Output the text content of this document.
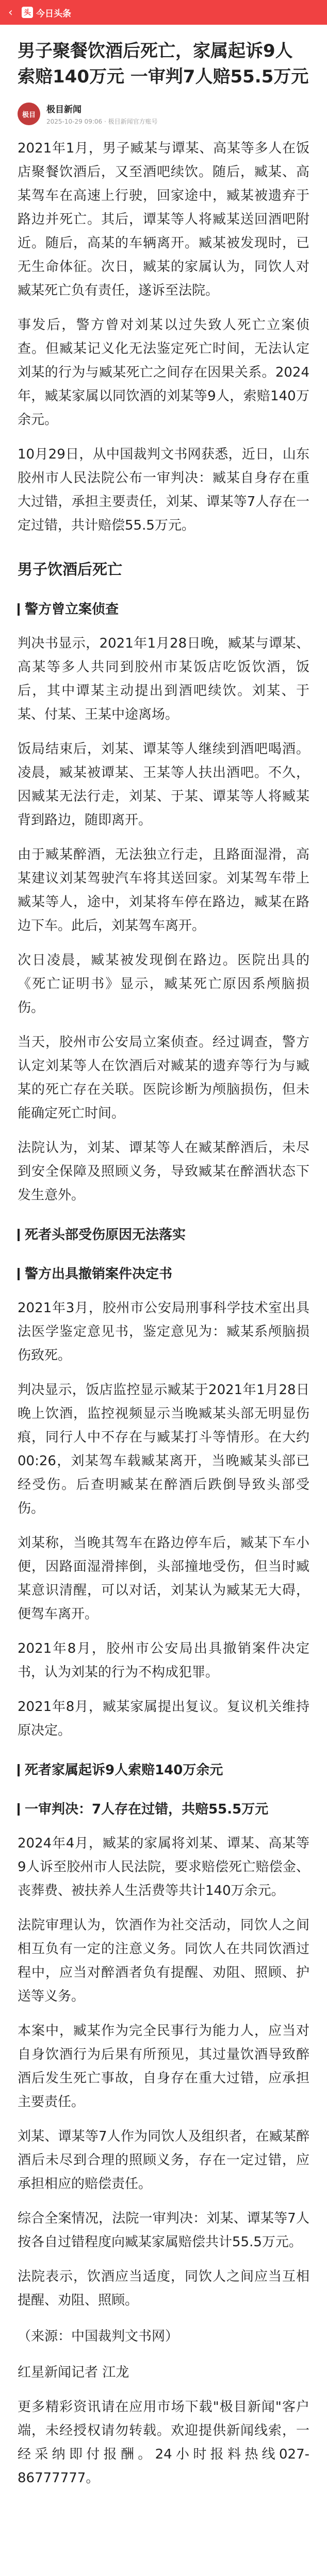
‹	头 今日头条
男子聚餐饮酒后死亡，家属起诉9人索赔140万元 一审判7人赔55.5万元
极目	极目新闻
2025-10-29 09:06 · 极目新闻官方账号

2021年1月，男子臧某与谭某、高某等多人在饭店聚餐饮酒后，又至酒吧续饮。随后，臧某、高某驾车在高速上行驶，回家途中，臧某被遗弃于路边并死亡。其后，谭某等人将臧某送回酒吧附近。随后，高某的车辆离开。臧某被发现时，已无生命体征。次日，臧某的家属认为，同饮人对臧某死亡负有责任，遂诉至法院。

事发后，警方曾对刘某以过失致人死亡立案侦查。但臧某记义化无法鉴定死亡时间，无法认定刘某的行为与臧某死亡之间存在因果关系。2024年，臧某家属以同饮酒的刘某等9人，索赔140万余元。

10月29日，从中国裁判文书网获悉，近日，山东胶州市人民法院公布一审判决：臧某自身存在重大过错，承担主要责任，刘某、谭某等7人存在一定过错，共计赔偿55.5万元。

男子饮酒后死亡
警方曾立案侦查

判决书显示，2021年1月28日晚，臧某与谭某、高某等多人共同到胶州市某饭店吃饭饮酒，饭后，其中谭某主动提出到酒吧续饮。刘某、于某、付某、王某中途离场。

饭局结束后，刘某、谭某等人继续到酒吧喝酒。凌晨，臧某被谭某、王某等人扶出酒吧。不久，因臧某无法行走，刘某、于某、谭某等人将臧某背到路边，随即离开。

由于臧某醉酒，无法独立行走，且路面湿滑，高某建议刘某驾驶汽车将其送回家。刘某驾车带上臧某等人，途中，刘某将车停在路边，臧某在路边下车。此后，刘某驾车离开。

次日凌晨，臧某被发现倒在路边。医院出具的《死亡证明书》显示，臧某死亡原因系颅脑损伤。

当天，胶州市公安局立案侦查。经过调查，警方认定刘某等人在饮酒后对臧某的遗弃等行为与臧某的死亡存在关联。医院诊断为颅脑损伤，但未能确定死亡时间。

法院认为，刘某、谭某等人在臧某醉酒后，未尽到安全保障及照顾义务，导致臧某在醉酒状态下发生意外。

死者头部受伤原因无法落实
警方出具撤销案件决定书

2021年3月，胶州市公安局刑事科学技术室出具法医学鉴定意见书，鉴定意见为：臧某系颅脑损伤致死。

判决显示，饭店监控显示臧某于2021年1月28日晚上饮酒，监控视频显示当晚臧某头部无明显伤痕，同行人中不存在与臧某打斗等情形。在大约00:26，刘某驾车载臧某离开，当晚臧某头部已经受伤。后查明臧某在醉酒后跌倒导致头部受伤。

刘某称，当晚其驾车在路边停车后，臧某下车小便，因路面湿滑摔倒，头部撞地受伤，但当时臧某意识清醒，可以对话，刘某认为臧某无大碍，便驾车离开。

2021年8月，胶州市公安局出具撤销案件决定书，认为刘某的行为不构成犯罪。

2021年8月，臧某家属提出复议。复议机关维持原决定。

死者家属起诉9人索赔140万余元
一审判决：7人存在过错，共赔55.5万元

2024年4月，臧某的家属将刘某、谭某、高某等9人诉至胶州市人民法院，要求赔偿死亡赔偿金、丧葬费、被扶养人生活费等共计140万余元。

法院审理认为，饮酒作为社交活动，同饮人之间相互负有一定的注意义务。同饮人在共同饮酒过程中，应当对醉酒者负有提醒、劝阻、照顾、护送等义务。

本案中，臧某作为完全民事行为能力人，应当对自身饮酒行为后果有所预见，其过量饮酒导致醉酒后发生死亡事故，自身存在重大过错，应承担主要责任。

刘某、谭某等7人作为同饮人及组织者，在臧某醉酒后未尽到合理的照顾义务，存在一定过错，应承担相应的赔偿责任。

综合全案情况，法院一审判决：刘某、谭某等7人按各自过错程度向臧某家属赔偿共计55.5万元。

法院表示，饮酒应当适度，同饮人之间应当互相提醒、劝阻、照顾。

（来源：中国裁判文书网）

红星新闻记者 江龙

更多精彩资讯请在应用市场下载"极目新闻"客户端，未经授权请勿转载。欢迎提供新闻线索，一经采纳即付报酬。24小时报料热线027-86777777。
